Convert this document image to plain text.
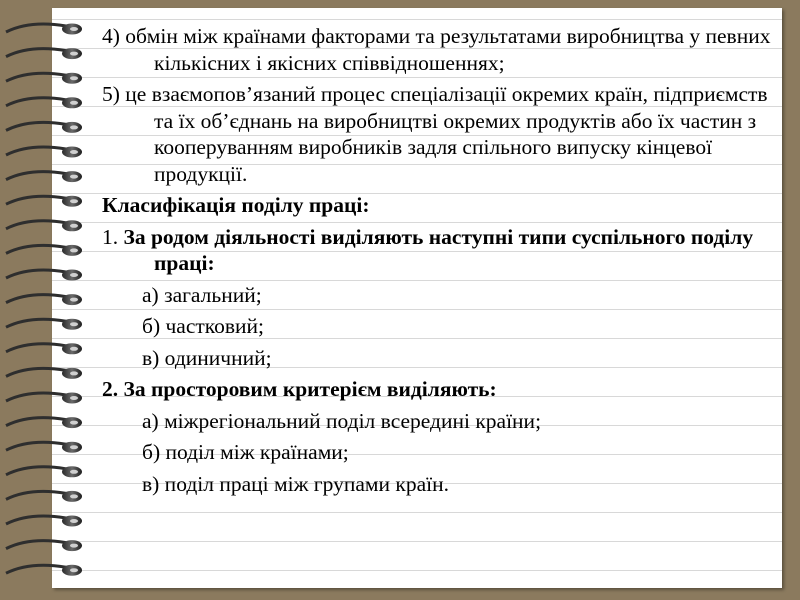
4) обмін між країнами факторами та результатами виробництва у певних кількісних і якісних співвідношеннях;

5) це взаємопов’язаний процес спеціалізації окремих країн, підприємств та їх об’єднань на виробництві окремих продуктів або їх частин з кооперуванням виробників задля спільного випуску кінцевої продукції.

Класифікація поділу праці:

1. За родом діяльності виділяють наступні типи суспільного поділу праці:

а) загальний;

б) частковий;

в) одиничний;

2. За просторовим критерієм виділяють:

а) міжрегіональний поділ всередині країни;

б) поділ між країнами;

в) поділ праці між групами країн.
